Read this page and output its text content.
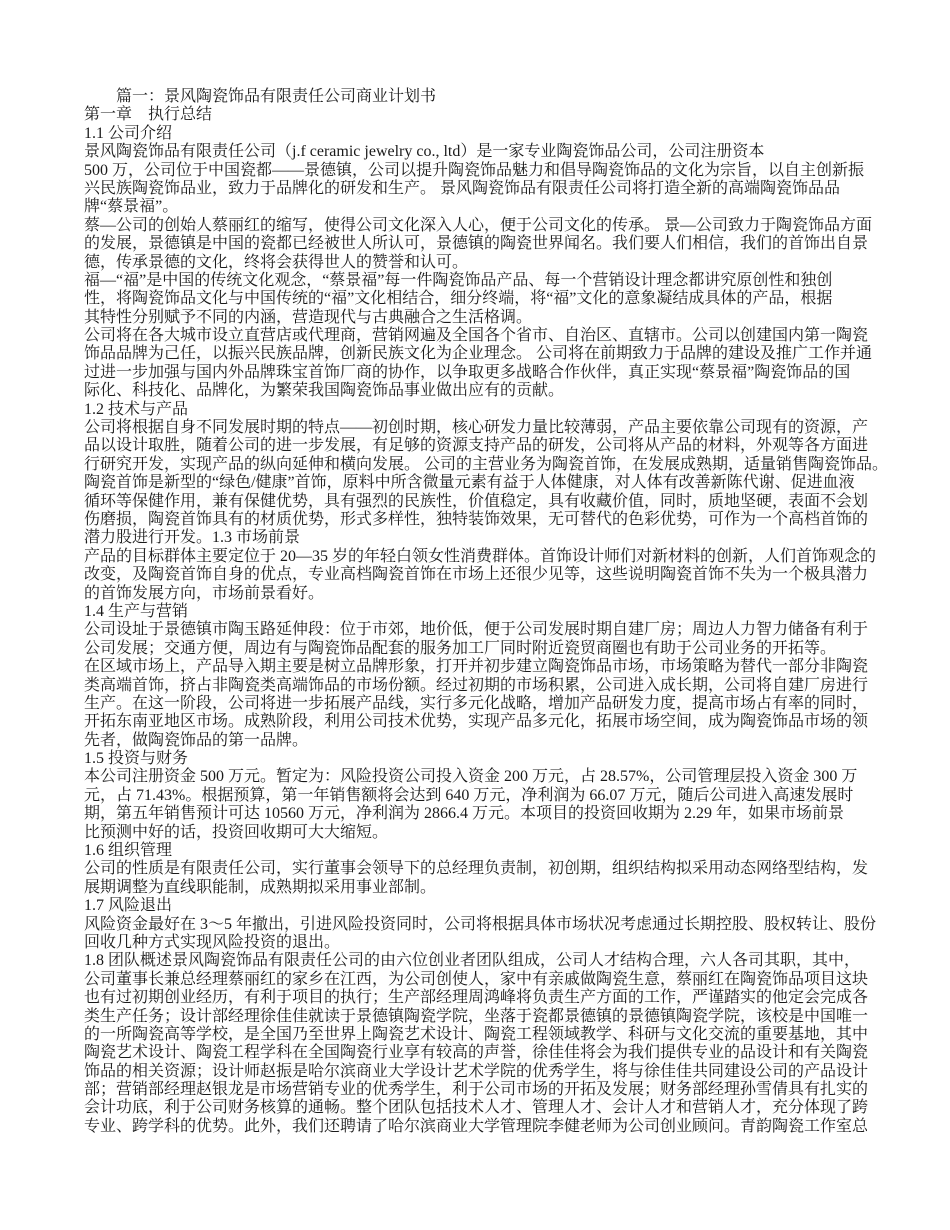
　　篇一：景风陶瓷饰品有限责任公司商业计划书
第一章　执行总结
1.1 公司介绍
景风陶瓷饰品有限责任公司（j.f ceramic jewelry co., ltd）是一家专业陶瓷饰品公司，公司注册资本
500 万，公司位于中国瓷都——景德镇，公司以提升陶瓷饰品魅力和倡导陶瓷饰品的文化为宗旨，以自主创新振
兴民族陶瓷饰品业，致力于品牌化的研发和生产。 景风陶瓷饰品有限责任公司将打造全新的高端陶瓷饰品品
牌“蔡景福”。
蔡—公司的创始人蔡丽红的缩写，使得公司文化深入人心，便于公司文化的传承。 景—公司致力于陶瓷饰品方面
的发展，景德镇是中国的瓷都已经被世人所认可，景德镇的陶瓷世界闻名。我们要人们相信，我们的首饰出自景
德，传承景德的文化，终将会获得世人的赞誉和认可。
福—“福”是中国的传统文化观念，“蔡景福”每一件陶瓷饰品产品、每一个营销设计理念都讲究原创性和独创
性，将陶瓷饰品文化与中国传统的“福”文化相结合，细分终端，将“福”文化的意象凝结成具体的产品，根据
其特性分别赋予不同的内涵，营造现代与古典融合之生活格调。
公司将在各大城市设立直营店或代理商，营销网遍及全国各个省市、自治区、直辖市。公司以创建国内第一陶瓷
饰品品牌为己任，以振兴民族品牌，创新民族文化为企业理念。 公司将在前期致力于品牌的建设及推广工作并通
过进一步加强与国内外品牌珠宝首饰厂商的协作，以争取更多战略合作伙伴，真正实现“蔡景福”陶瓷饰品的国
际化、科技化、品牌化，为繁荣我国陶瓷饰品事业做出应有的贡献。
1.2 技术与产品
公司将根据自身不同发展时期的特点——初创时期，核心研发力量比较薄弱，产品主要依靠公司现有的资源，产
品以设计取胜，随着公司的进一步发展，有足够的资源支持产品的研发，公司将从产品的材料，外观等各方面进
行研究开发，实现产品的纵向延伸和横向发展。 公司的主营业务为陶瓷首饰，在发展成熟期，适量销售陶瓷饰品。
陶瓷首饰是新型的“绿色/健康”首饰，原料中所含微量元素有益于人体健康，对人体有改善新陈代谢、促进血液
循环等保健作用，兼有保健优势，具有强烈的民族性，价值稳定，具有收藏价值，同时，质地坚硬，表面不会划
伤磨损，陶瓷首饰具有的材质优势，形式多样性，独特装饰效果，无可替代的色彩优势，可作为一个高档首饰的
潜力股进行开发。1.3 市场前景
产品的目标群体主要定位于 20—35 岁的年轻白领女性消费群体。首饰设计师们对新材料的创新，人们首饰观念的
改变，及陶瓷首饰自身的优点，专业高档陶瓷首饰在市场上还很少见等，这些说明陶瓷首饰不失为一个极具潜力
的首饰发展方向，市场前景看好。
1.4 生产与营销
公司设址于景德镇市陶玉路延伸段：位于市郊，地价低，便于公司发展时期自建厂房；周边人力智力储备有利于
公司发展；交通方便，周边有与陶瓷饰品配套的服务加工厂同时附近瓷贸商圈也有助于公司业务的开拓等。
在区域市场上，产品导入期主要是树立品牌形象，打开并初步建立陶瓷饰品市场，市场策略为替代一部分非陶瓷
类高端首饰，挤占非陶瓷类高端饰品的市场份额。经过初期的市场积累，公司进入成长期，公司将自建厂房进行
生产。在这一阶段，公司将进一步拓展产品线，实行多元化战略，增加产品研发力度，提高市场占有率的同时，
开拓东南亚地区市场。成熟阶段，利用公司技术优势，实现产品多元化，拓展市场空间，成为陶瓷饰品市场的领
先者，做陶瓷饰品的第一品牌。
1.5 投资与财务
本公司注册资金 500 万元。暂定为：风险投资公司投入资金 200 万元，占 28.57%，公司管理层投入资金 300 万
元，占 71.43%。根据预算，第一年销售额将会达到 640 万元，净利润为 66.07 万元，随后公司进入高速发展时
期，第五年销售预计可达 10560 万元，净利润为 2866.4 万元。本项目的投资回收期为 2.29 年，如果市场前景
比预测中好的话，投资回收期可大大缩短。
1.6 组织管理
公司的性质是有限责任公司，实行董事会领导下的总经理负责制，初创期，组织结构拟采用动态网络型结构，发
展期调整为直线职能制，成熟期拟采用事业部制。
1.7 风险退出
风险资金最好在 3～5 年撤出，引进风险投资同时，公司将根据具体市场状况考虑通过长期控股、股权转让、股份
回收几种方式实现风险投资的退出。
1.8 团队概述景风陶瓷饰品有限责任公司的由六位创业者团队组成，公司人才结构合理，六人各司其职，其中，
公司董事长兼总经理蔡丽红的家乡在江西，为公司创使人，家中有亲戚做陶瓷生意，蔡丽红在陶瓷饰品项目这块
也有过初期创业经历，有利于项目的执行；生产部经理周鸿峰将负责生产方面的工作，严谨踏实的他定会完成各
类生产任务；设计部经理徐佳佳就读于景德镇陶瓷学院，坐落于瓷都景德镇的景德镇陶瓷学院，该校是中国唯一
的一所陶瓷高等学校，是全国乃至世界上陶瓷艺术设计、陶瓷工程领域教学、科研与文化交流的重要基地，其中
陶瓷艺术设计、陶瓷工程学科在全国陶瓷行业享有较高的声誉，徐佳佳将会为我们提供专业的品设计和有关陶瓷
饰品的相关资源；设计师赵振是哈尔滨商业大学设计艺术学院的优秀学生，将与徐佳佳共同建设公司的产品设计
部；营销部经理赵银龙是市场营销专业的优秀学生，利于公司市场的开拓及发展；财务部经理孙雪倩具有扎实的
会计功底，利于公司财务核算的通畅。整个团队包括技术人才、管理人才、会计人才和营销人才，充分体现了跨
专业、跨学科的优势。此外，我们还聘请了哈尔滨商业大学管理院李健老师为公司创业顾问。青韵陶瓷工作室总
